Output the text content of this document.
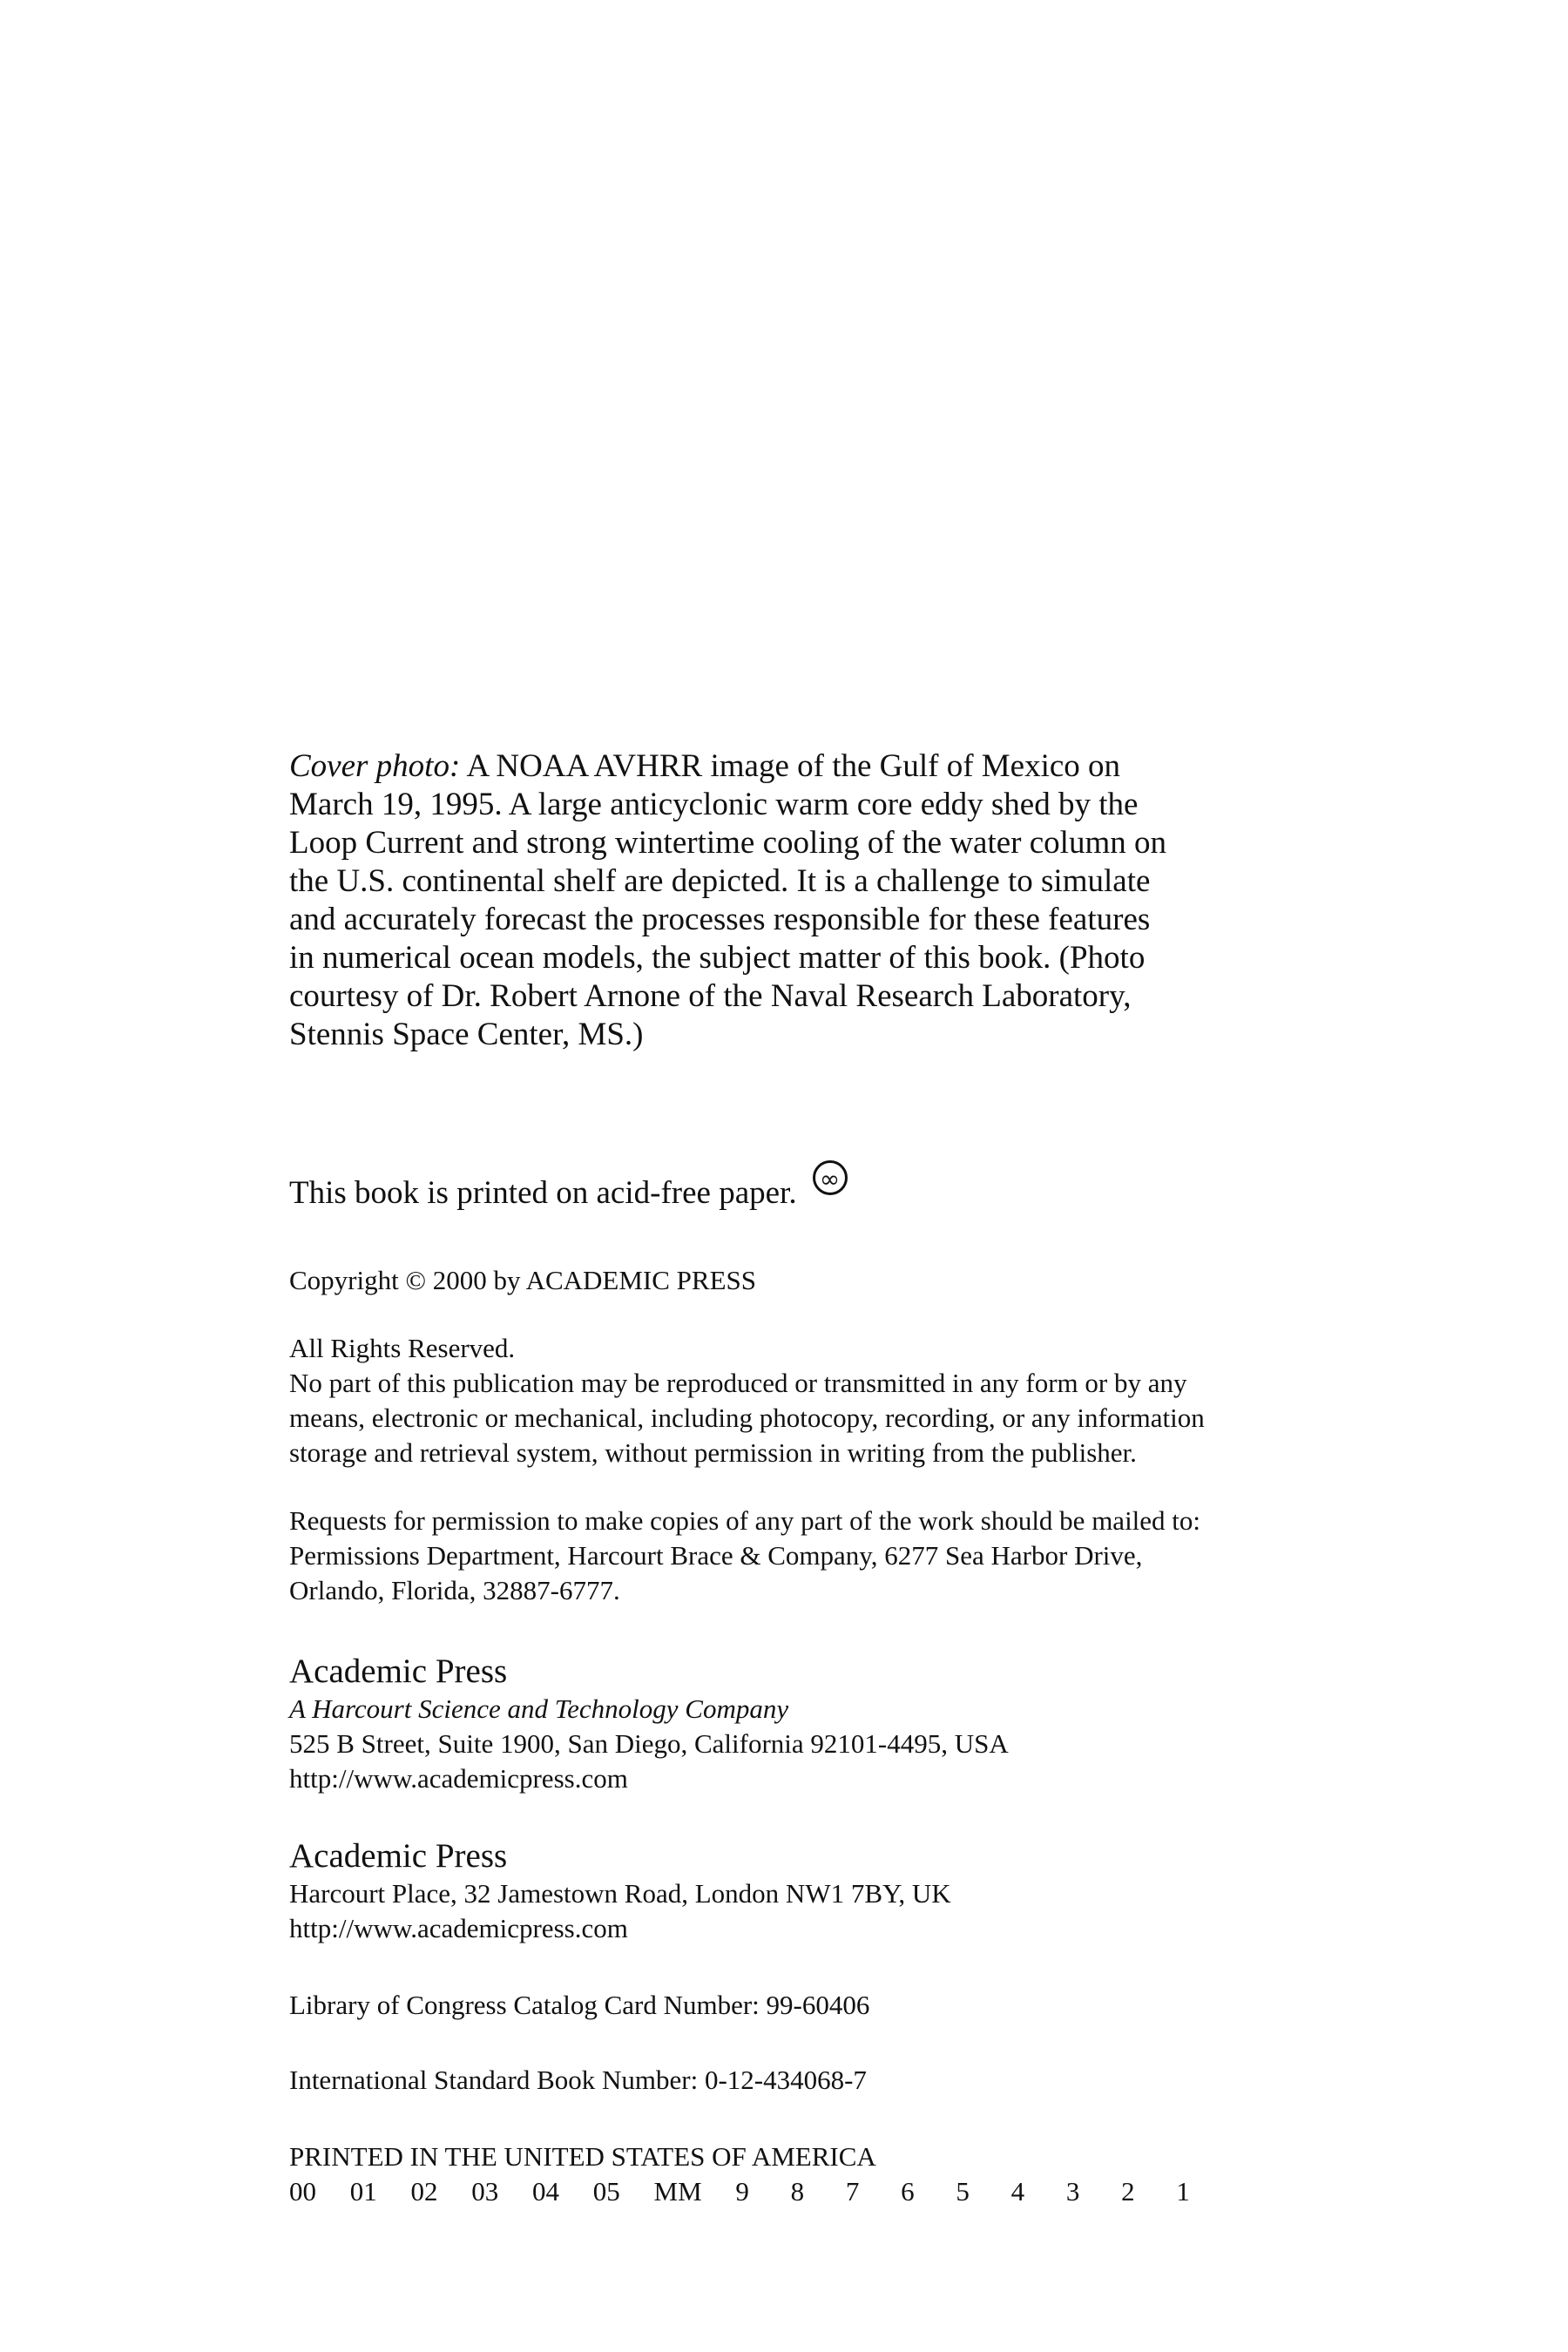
Cover photo: A NOAA AVHRR image of the Gulf of Mexico on
March 19, 1995. A large anticyclonic warm core eddy shed by the
Loop Current and strong wintertime cooling of the water column on
the U.S. continental shelf are depicted. It is a challenge to simulate
and accurately forecast the processes responsible for these features
in numerical ocean models, the subject matter of this book. (Photo
courtesy of Dr. Robert Arnone of the Naval Research Laboratory,
Stennis Space Center, MS.)
This book is printed on acid-free paper. ∞
Copyright © 2000 by ACADEMIC PRESS
All Rights Reserved.
No part of this publication may be reproduced or transmitted in any form or by any
means, electronic or mechanical, including photocopy, recording, or any information
storage and retrieval system, without permission in writing from the publisher.
Requests for permission to make copies of any part of the work should be mailed to:
Permissions Department, Harcourt Brace & Company, 6277 Sea Harbor Drive,
Orlando, Florida, 32887-6777.
Academic Press
A Harcourt Science and Technology Company
525 B Street, Suite 1900, San Diego, California 92101-4495, USA
http://www.academicpress.com
Academic Press
Harcourt Place, 32 Jamestown Road, London NW1 7BY, UK
http://www.academicpress.com
Library of Congress Catalog Card Number: 99-60406
International Standard Book Number: 0-12-434068-7
PRINTED IN THE UNITED STATES OF AMERICA
00 01 02 03 04 05 MM 9 8 7 6 5 4 3 2 1
